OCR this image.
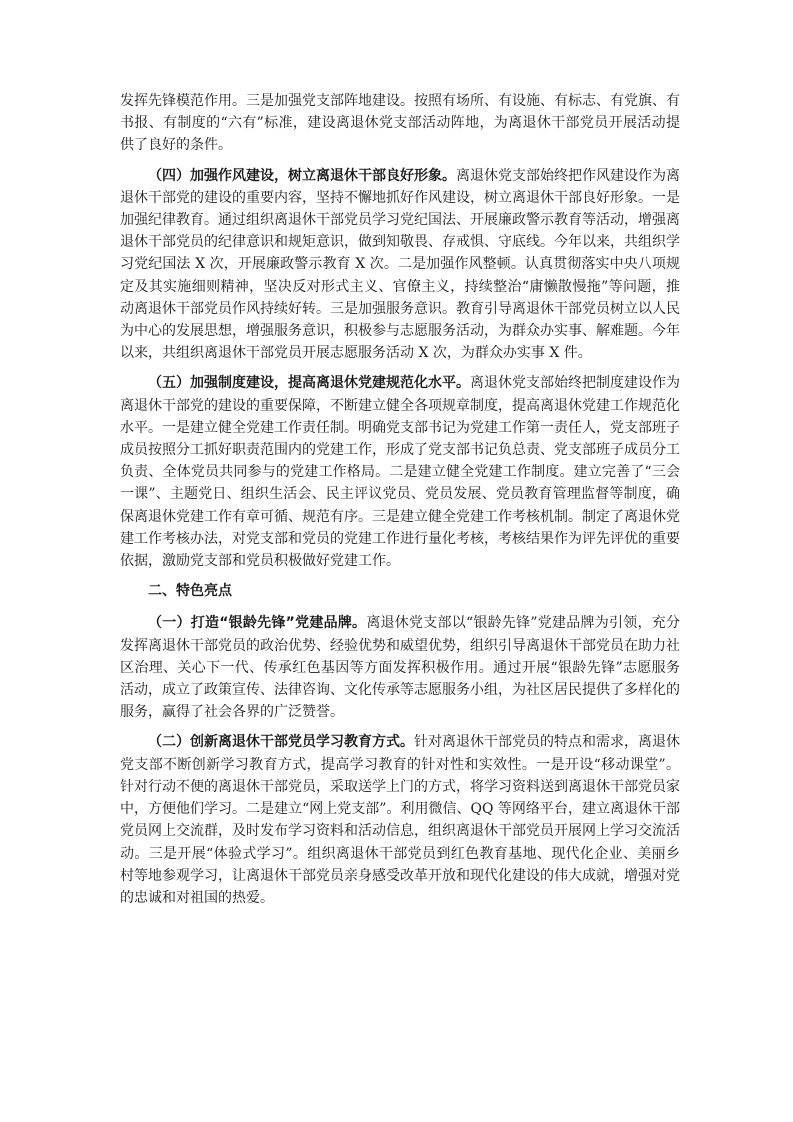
发挥先锋模范作用。三是加强党支部阵地建设。按照有场所、有设施、有标志、有党旗、有书报、有制度的“六有”标准，建设离退休党支部活动阵地，为离退休干部党员开展活动提供了良好的条件。

（四）加强作风建设，树立离退休干部良好形象。离退休党支部始终把作风建设作为离退休干部党的建设的重要内容，坚持不懈地抓好作风建设，树立离退休干部良好形象。一是加强纪律教育。通过组织离退休干部党员学习党纪国法、开展廉政警示教育等活动，增强离退休干部党员的纪律意识和规矩意识，做到知敬畏、存戒惧、守底线。今年以来，共组织学习党纪国法 X 次，开展廉政警示教育 X 次。二是加强作风整顿。认真贯彻落实中央八项规定及其实施细则精神，坚决反对形式主义、官僚主义，持续整治“庸懒散慢拖”等问题，推动离退休干部党员作风持续好转。三是加强服务意识。教育引导离退休干部党员树立以人民为中心的发展思想，增强服务意识，积极参与志愿服务活动，为群众办实事、解难题。今年以来，共组织离退休干部党员开展志愿服务活动 X 次，为群众办实事 X 件。

（五）加强制度建设，提高离退休党建规范化水平。离退休党支部始终把制度建设作为离退休干部党的建设的重要保障，不断建立健全各项规章制度，提高离退休党建工作规范化水平。一是建立健全党建工作责任制。明确党支部书记为党建工作第一责任人，党支部班子成员按照分工抓好职责范围内的党建工作，形成了党支部书记负总责、党支部班子成员分工负责、全体党员共同参与的党建工作格局。二是建立健全党建工作制度。建立完善了“三会一课”、主题党日、组织生活会、民主评议党员、党员发展、党员教育管理监督等制度，确保离退休党建工作有章可循、规范有序。三是建立健全党建工作考核机制。制定了离退休党建工作考核办法，对党支部和党员的党建工作进行量化考核，考核结果作为评先评优的重要依据，激励党支部和党员积极做好党建工作。

二、特色亮点

（一）打造“银龄先锋”党建品牌。离退休党支部以“银龄先锋”党建品牌为引领，充分发挥离退休干部党员的政治优势、经验优势和威望优势，组织引导离退休干部党员在助力社区治理、关心下一代、传承红色基因等方面发挥积极作用。通过开展“银龄先锋”志愿服务活动，成立了政策宣传、法律咨询、文化传承等志愿服务小组，为社区居民提供了多样化的服务，赢得了社会各界的广泛赞誉。

（二）创新离退休干部党员学习教育方式。针对离退休干部党员的特点和需求，离退休党支部不断创新学习教育方式，提高学习教育的针对性和实效性。一是开设“移动课堂”。针对行动不便的离退休干部党员，采取送学上门的方式，将学习资料送到离退休干部党员家中，方便他们学习。二是建立“网上党支部”。利用微信、QQ 等网络平台，建立离退休干部党员网上交流群，及时发布学习资料和活动信息，组织离退休干部党员开展网上学习交流活动。三是开展“体验式学习”。组织离退休干部党员到红色教育基地、现代化企业、美丽乡村等地参观学习，让离退休干部党员亲身感受改革开放和现代化建设的伟大成就，增强对党的忠诚和对祖国的热爱。
